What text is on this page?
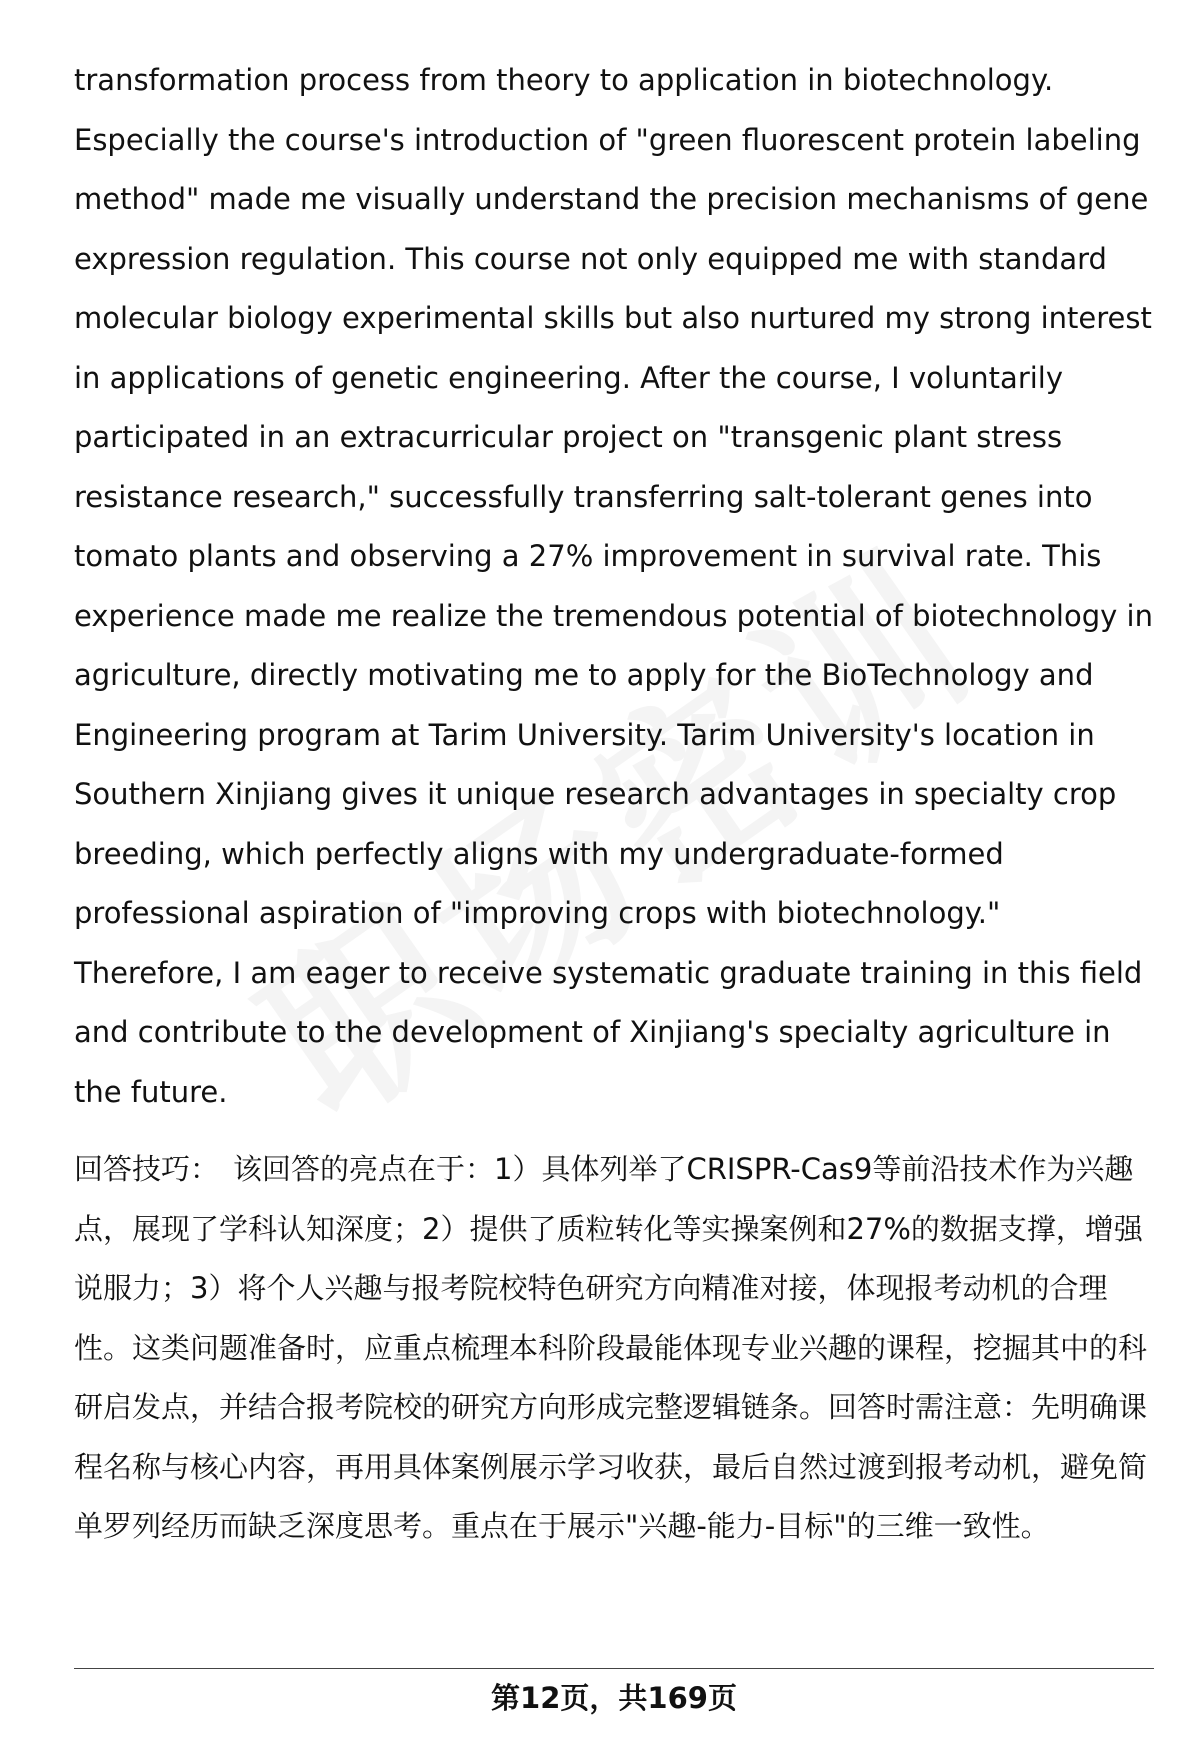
transformation process from theory to application in biotechnology. Especially the course's introduction of "green fluorescent protein labeling method" made me visually understand the precision mechanisms of gene expression regulation. This course not only equipped me with standard molecular biology experimental skills but also nurtured my strong interest in applications of genetic engineering. After the course, I voluntarily participated in an extracurricular project on "transgenic plant stress resistance research," successfully transferring salt-tolerant genes into tomato plants and observing a 27% improvement in survival rate. This experience made me realize the tremendous potential of biotechnology in agriculture, directly motivating me to apply for the BioTechnology and Engineering program at Tarim University. Tarim University's location in Southern Xinjiang gives it unique research advantages in specialty crop breeding, which perfectly aligns with my undergraduate-formed professional aspiration of "improving crops with biotechnology." Therefore, I am eager to receive systematic graduate training in this field and contribute to the development of Xinjiang's specialty agriculture in the future.

回答技巧： 该回答的亮点在于：1）具体列举了CRISPR-Cas9等前沿技术作为兴趣点，展现了学科认知深度；2）提供了质粒转化等实操案例和27%的数据支撑，增强说服力；3）将个人兴趣与报考院校特色研究方向精准对接，体现报考动机的合理性。这类问题准备时，应重点梳理本科阶段最能体现专业兴趣的课程，挖掘其中的科研启发点，并结合报考院校的研究方向形成完整逻辑链条。回答时需注意：先明确课程名称与核心内容，再用具体案例展示学习收获，最后自然过渡到报考动机，避免简单罗列经历而缺乏深度思考。重点在于展示"兴趣-能力-目标"的三维一致性。

第12页，共169页
